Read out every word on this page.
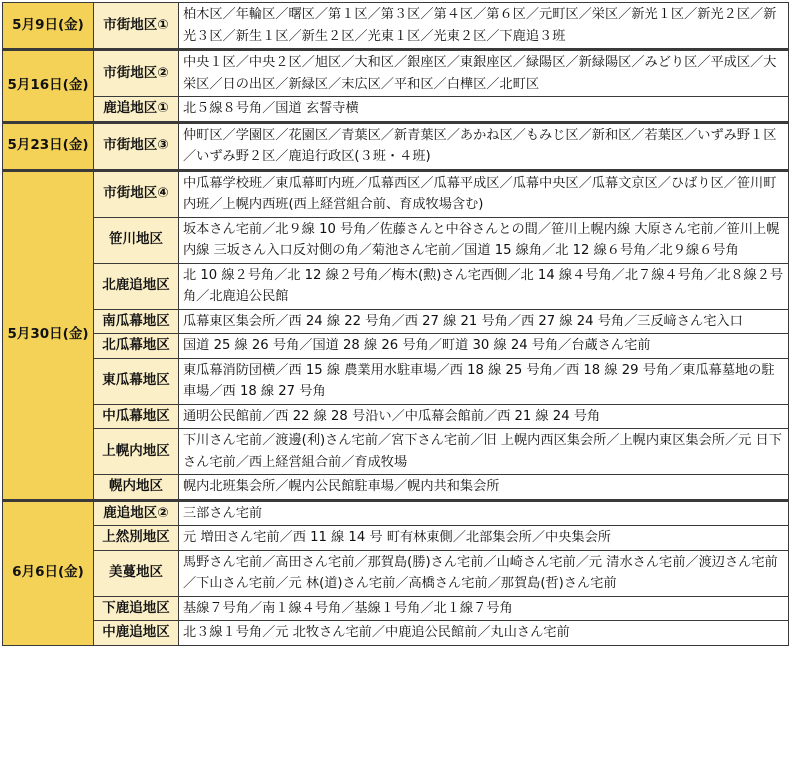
5月9日(金)	市街地区①	柏木区／年輪区／曙区／第１区／第３区／第４区／第６区／元町区／栄区／新光１区／新光２区／新光３区／新生１区／新生２区／光東１区／光東２区／下鹿追３班
5月16日(金)	市街地区②	中央１区／中央２区／旭区／大和区／銀座区／東銀座区／緑陽区／新緑陽区／みどり区／平成区／大栄区／日の出区／新緑区／末広区／平和区／白樺区／北町区
	鹿追地区①	北５線８号角／国道 玄誓寺横
5月23日(金)	市街地区③	仲町区／学園区／花園区／青葉区／新青葉区／あかね区／もみじ区／新和区／若葉区／いずみ野１区／いずみ野２区／鹿追行政区(３班・４班)
5月30日(金)	市街地区④	中瓜幕学校班／東瓜幕町内班／瓜幕西区／瓜幕平成区／瓜幕中央区／瓜幕文京区／ひばり区／笹川町内班／上幌内西班(西上経営組合前、育成牧場含む)
	笹川地区	坂本さん宅前／北９線 10 号角／佐藤さんと中谷さんとの間／笹川上幌内線 大原さん宅前／笹川上幌内線 三坂さん入口反対側の角／菊池さん宅前／国道 15 線角／北 12 線６号角／北９線６号角
	北鹿追地区	北 10 線２号角／北 12 線２号角／梅木(勲)さん宅西側／北 14 線４号角／北７線４号角／北８線２号角／北鹿追公民館
	南瓜幕地区	瓜幕東区集会所／西 24 線 22 号角／西 27 線 21 号角／西 27 線 24 号角／三反﨑さん宅入口
	北瓜幕地区	国道 25 線 26 号角／国道 28 線 26 号角／町道 30 線 24 号角／台蔵さん宅前
	東瓜幕地区	東瓜幕消防団横／西 15 線 農業用水駐車場／西 18 線 25 号角／西 18 線 29 号角／東瓜幕墓地の駐車場／西 18 線 27 号角
	中瓜幕地区	通明公民館前／西 22 線 28 号沿い／中瓜幕会館前／西 21 線 24 号角
	上幌内地区	下川さん宅前／渡邊(利)さん宅前／宮下さん宅前／旧 上幌内西区集会所／上幌内東区集会所／元 日下さん宅前／西上経営組合前／育成牧場
	幌内地区	幌内北班集会所／幌内公民館駐車場／幌内共和集会所
6月6日(金)	鹿追地区②	三部さん宅前
	上然別地区	元 増田さん宅前／西 11 線 14 号 町有林東側／北部集会所／中央集会所
	美蔓地区	馬野さん宅前／高田さん宅前／那賀島(勝)さん宅前／山崎さん宅前／元 清水さん宅前／渡辺さん宅前／下山さん宅前／元 林(道)さん宅前／高橋さん宅前／那賀島(哲)さん宅前
	下鹿追地区	基線７号角／南１線４号角／基線１号角／北１線７号角
	中鹿追地区	北３線１号角／元 北牧さん宅前／中鹿追公民館前／丸山さん宅前
